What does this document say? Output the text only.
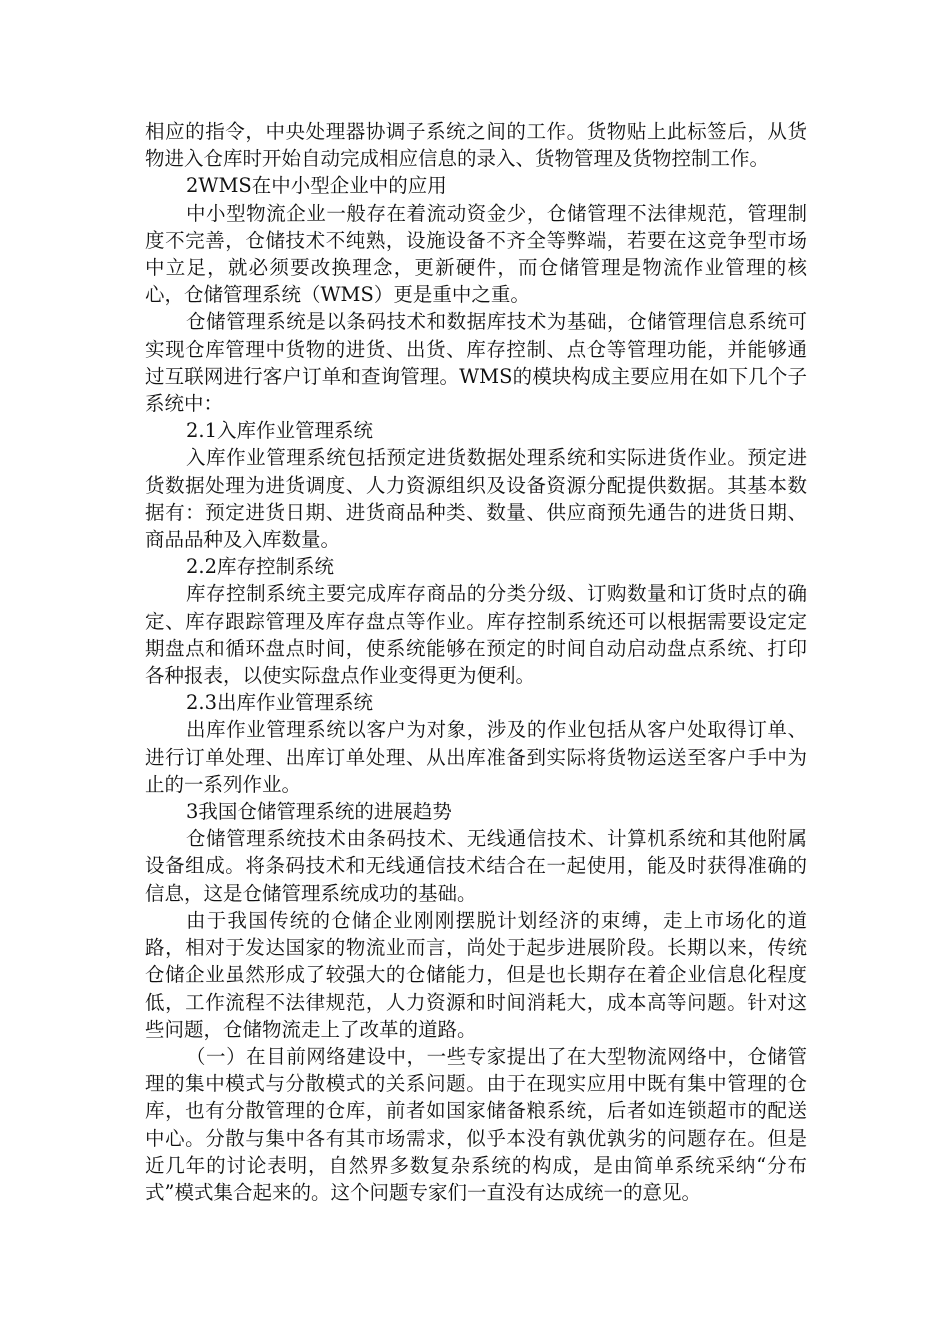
相应的指令，中央处理器协调子系统之间的工作。货物贴上此标签后，从货物进入仓库时开始自动完成相应信息的录入、货物管理及货物控制工作。

2WMS在中小型企业中的应用

中小型物流企业一般存在着流动资金少，仓储管理不法律规范，管理制度不完善，仓储技术不纯熟，设施设备不齐全等弊端，若要在这竞争型市场中立足，就必须要改换理念，更新硬件，而仓储管理是物流作业管理的核心，仓储管理系统（WMS）更是重中之重。

仓储管理系统是以条码技术和数据库技术为基础，仓储管理信息系统可实现仓库管理中货物的进货、出货、库存控制、点仓等管理功能，并能够通过互联网进行客户订单和查询管理。WMS的模块构成主要应用在如下几个子系统中：

2.1入库作业管理系统

入库作业管理系统包括预定进货数据处理系统和实际进货作业。预定进货数据处理为进货调度、人力资源组织及设备资源分配提供数据。其基本数据有：预定进货日期、进货商品种类、数量、供应商预先通告的进货日期、商品品种及入库数量。

2.2库存控制系统

库存控制系统主要完成库存商品的分类分级、订购数量和订货时点的确定、库存跟踪管理及库存盘点等作业。库存控制系统还可以根据需要设定定期盘点和循环盘点时间，使系统能够在预定的时间自动启动盘点系统、打印各种报表，以使实际盘点作业变得更为便利。

2.3出库作业管理系统

出库作业管理系统以客户为对象，涉及的作业包括从客户处取得订单、进行订单处理、出库订单处理、从出库准备到实际将货物运送至客户手中为止的一系列作业。

3我国仓储管理系统的进展趋势

仓储管理系统技术由条码技术、无线通信技术、计算机系统和其他附属设备组成。将条码技术和无线通信技术结合在一起使用，能及时获得准确的信息，这是仓储管理系统成功的基础。

由于我国传统的仓储企业刚刚摆脱计划经济的束缚，走上市场化的道路，相对于发达国家的物流业而言，尚处于起步进展阶段。长期以来，传统仓储企业虽然形成了较强大的仓储能力，但是也长期存在着企业信息化程度低，工作流程不法律规范，人力资源和时间消耗大，成本高等问题。针对这些问题，仓储物流走上了改革的道路。

（一）在目前网络建设中，一些专家提出了在大型物流网络中，仓储管理的集中模式与分散模式的关系问题。由于在现实应用中既有集中管理的仓库，也有分散管理的仓库，前者如国家储备粮系统，后者如连锁超市的配送中心。分散与集中各有其市场需求，似乎本没有孰优孰劣的问题存在。但是近几年的讨论表明，自然界多数复杂系统的构成，是由简单系统采纳“分布式”模式集合起来的。这个问题专家们一直没有达成统一的意见。
